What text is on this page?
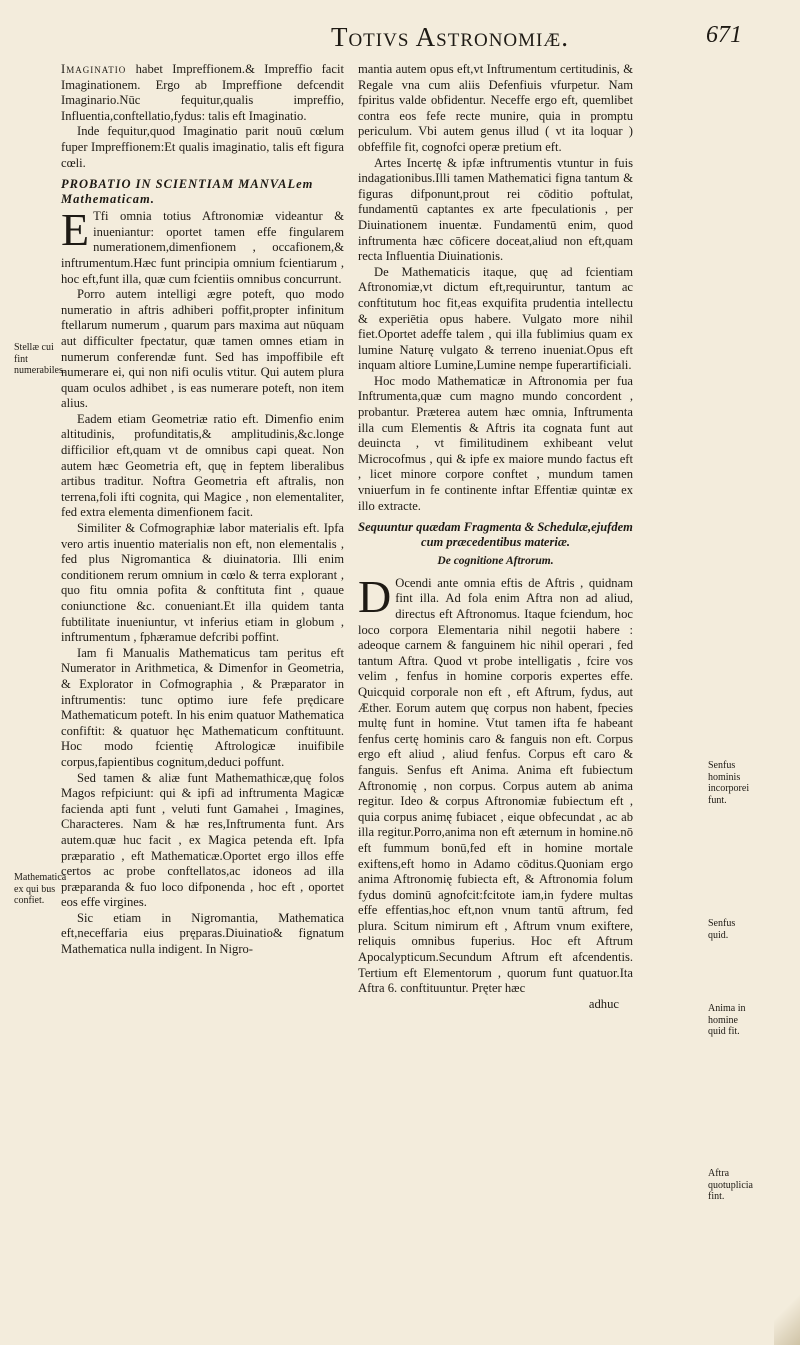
Totivs Astronomiæ.	671

Imaginatio habet Impreffionem.& Impreffio facit Imaginationem. Ergo ab Impreffione defcendit Imaginario.Nūc fequitur,qualis impreffio, Influentia,conftellatio,fydus: talis eft Imaginatio.

Inde fequitur,quod Imaginatio parit nouū cœlum fuper Impreffionem:Et qualis imaginatio, talis eft figura cœli.

PROBATIO IN SCIENTIAM MANVALem Mathematicam.

E Tfi omnia totius Aftronomiæ videantur & inueniantur: oportet tamen effe fingularem numerationem,dimenfionem , occafionem,& inftrumentum.Hæc funt principia omnium fcientiarum , hoc eft,funt illa, quæ cum fcientiis omnibus concurrunt.

Porro autem intelligi ægre poteft, quo modo numeratio in aftris adhiberi poffit,propter infinitum ftellarum numerum , quarum pars maxima aut nūquam aut difficulter fpectatur, quæ tamen omnes etiam in numerum conferendæ funt. Sed has impoffibile eft numerare ei, qui non nifi oculis vtitur. Qui autem plura quam oculos adhibet , is eas numerare poteft, non item alius.

Eadem etiam Geometriæ ratio eft. Dimenfio enim altitudinis, profunditatis,& amplitudinis,&c.longe difficilior eft,quam vt de omnibus capi queat. Non autem hæc Geometria eft, quę in feptem liberalibus artibus traditur. Noftra Geometria eft aftralis, non terrena,foli ifti cognita, qui Magice , non elementaliter, fed extra elementa dimenfionem facit.

Similiter & Cofmographiæ labor materialis eft. Ipfa vero artis inuentio materialis non eft, non elementalis , fed plus Nigromantica & diuinatoria. Illi enim conditionem rerum omnium in cœlo & terra explorant , quo fitu omnia pofita & conftituta fint , quaue coniunctione &c. conueniant.Et illa quidem tanta fubtilitate inueniuntur, vt inferius etiam in globum , inftrumentum , fphæramue defcribi poffint.

Iam fi Manualis Mathematicus tam peritus eft Numerator in Arithmetica, & Dimenfor in Geometria, & Explorator in Cofmographia , & Præparator in inftrumentis: tunc optimo iure fefe prędicare Mathematicum poteft. In his enim quatuor Mathematica confiftit: & quatuor hęc Mathematicum conftituunt. Hoc modo fcientię Aftrologicæ inuifibile corpus,fapientibus cognitum,deduci poffunt.

Sed tamen & aliæ funt Mathemathicæ,quę folos Magos refpiciunt: qui & ipfi ad inftrumenta Magicæ facienda apti funt , veluti funt Gamahei , Imagines, Characteres. Nam & hæ res,Inftrumenta funt. Ars autem.quæ huc facit , ex Magica petenda eft. Ipfa præparatio , eft Mathematicæ.Oportet ergo illos effe certos ac probe conftellatos,ac idoneos ad illa præparanda & fuo loco difponenda , hoc eft , oportet eos effe virgines.

Sic etiam in Nigromantia, Mathematica eft,neceffaria eius pręparas.Diuinatio& fignatum Mathematica nulla indigent. In Nigro-

mantia autem opus eft,vt Inftrumentum certitudinis, & Regale vna cum aliis Defenfiuis vfurpetur. Nam fpiritus valde obfidentur. Neceffe ergo eft, quemlibet contra eos fefe recte munire, quia in promptu periculum. Vbi autem genus illud ( vt ita loquar ) obfeffile fit, cognofci operæ pretium eft.

Artes Incertę & ipfæ inftrumentis vtuntur in fuis indagationibus.Illi tamen Mathematici figna tantum & figuras difponunt,prout rei cōditio poftulat, fundamentū captantes ex arte fpeculationis , per Diuinationem inuentæ. Fundamentū enim, quod inftrumenta hæc cōficere doceat,aliud non eft,quam recta Influentia Diuinationis.

De Mathematicis itaque, quę ad fcientiam Aftronomiæ,vt dictum eft,requiruntur, tantum ac conftitutum hoc fit,eas exquifita prudentia intellectu & experiētia opus habere. Vulgato more nihil fiet.Oportet adeffe talem , qui illa fublimius quam ex lumine Naturę vulgato & terreno inueniat.Opus eft inquam altiore Lumine,Lumine nempe fuperartificiali.

Hoc modo Mathematicæ in Aftronomia per fua Inftrumenta,quæ cum magno mundo concordent , probantur. Præterea autem hæc omnia, Inftrumenta illa cum Elementis & Aftris ita cognata funt aut deuincta , vt fimilitudinem exhibeant velut Microcofmus , qui & ipfe ex maiore mundo factus eft , licet minore corpore conftet , mundum tamen vniuerfum in fe continente inftar Effentiæ quintæ ex illo extracte.

Sequuntur quædam Fragmenta & Schedulæ,ejufdem cum præcedentibus materiæ.
De cognitione Aftrorum.

D Ocendi ante omnia eftis de Aftris , quidnam fint illa. Ad fola enim Aftra non ad aliud, directus eft Aftronomus. Itaque fciendum, hoc loco corpora Elementaria nihil negotii habere : adeoque carnem & fanguinem hic nihil operari , fed tantum Aftra. Quod vt probe intelligatis , fcire vos velim , fenfus in homine corporis expertes effe. Quicquid corporale non eft , eft Aftrum, fydus, aut Æther. Eorum autem quę corpus non habent, fpecies multę funt in homine. Vtut tamen ifta fe habeant fenfus certę hominis caro & fanguis non eft. Corpus ergo eft aliud , aliud fenfus. Corpus eft caro & fanguis. Senfus eft Anima. Anima eft fubiectum Aftronomię , non corpus. Corpus autem ab anima regitur. Ideo & corpus Aftronomiæ fubiectum eft , quia corpus animę fubiacet , eique obfecundat , ac ab illa regitur.Porro,anima non eft æternum in homine.nō eft fummum bonū,fed eft in homine mortale exiftens,eft homo in Adamo cōditus.Quoniam ergo anima Aftronomię fubiecta eft, & Aftronomia folum fydus dominū agnofcit:fcitote iam,in fydere multas effe effentias,hoc eft,non vnum tantū aftrum, fed plura. Scitum nimirum eft , Aftrum vnum exiftere, reliquis omnibus fuperius. Hoc eft Aftrum Apocalypticum.Secundum Aftrum eft afcendentis. Tertium eft Elementorum , quorum funt quatuor.Ita Aftra 6. conftituuntur. Pręter hæc

adhuc

Stellæ cui fint numerabiles.
Mathematica ex qui bus confiet.
Senfus hominis incorporei funt.
Senfus quid.
Anima in homine quid fit.
Aftra quotuplicia fint.
